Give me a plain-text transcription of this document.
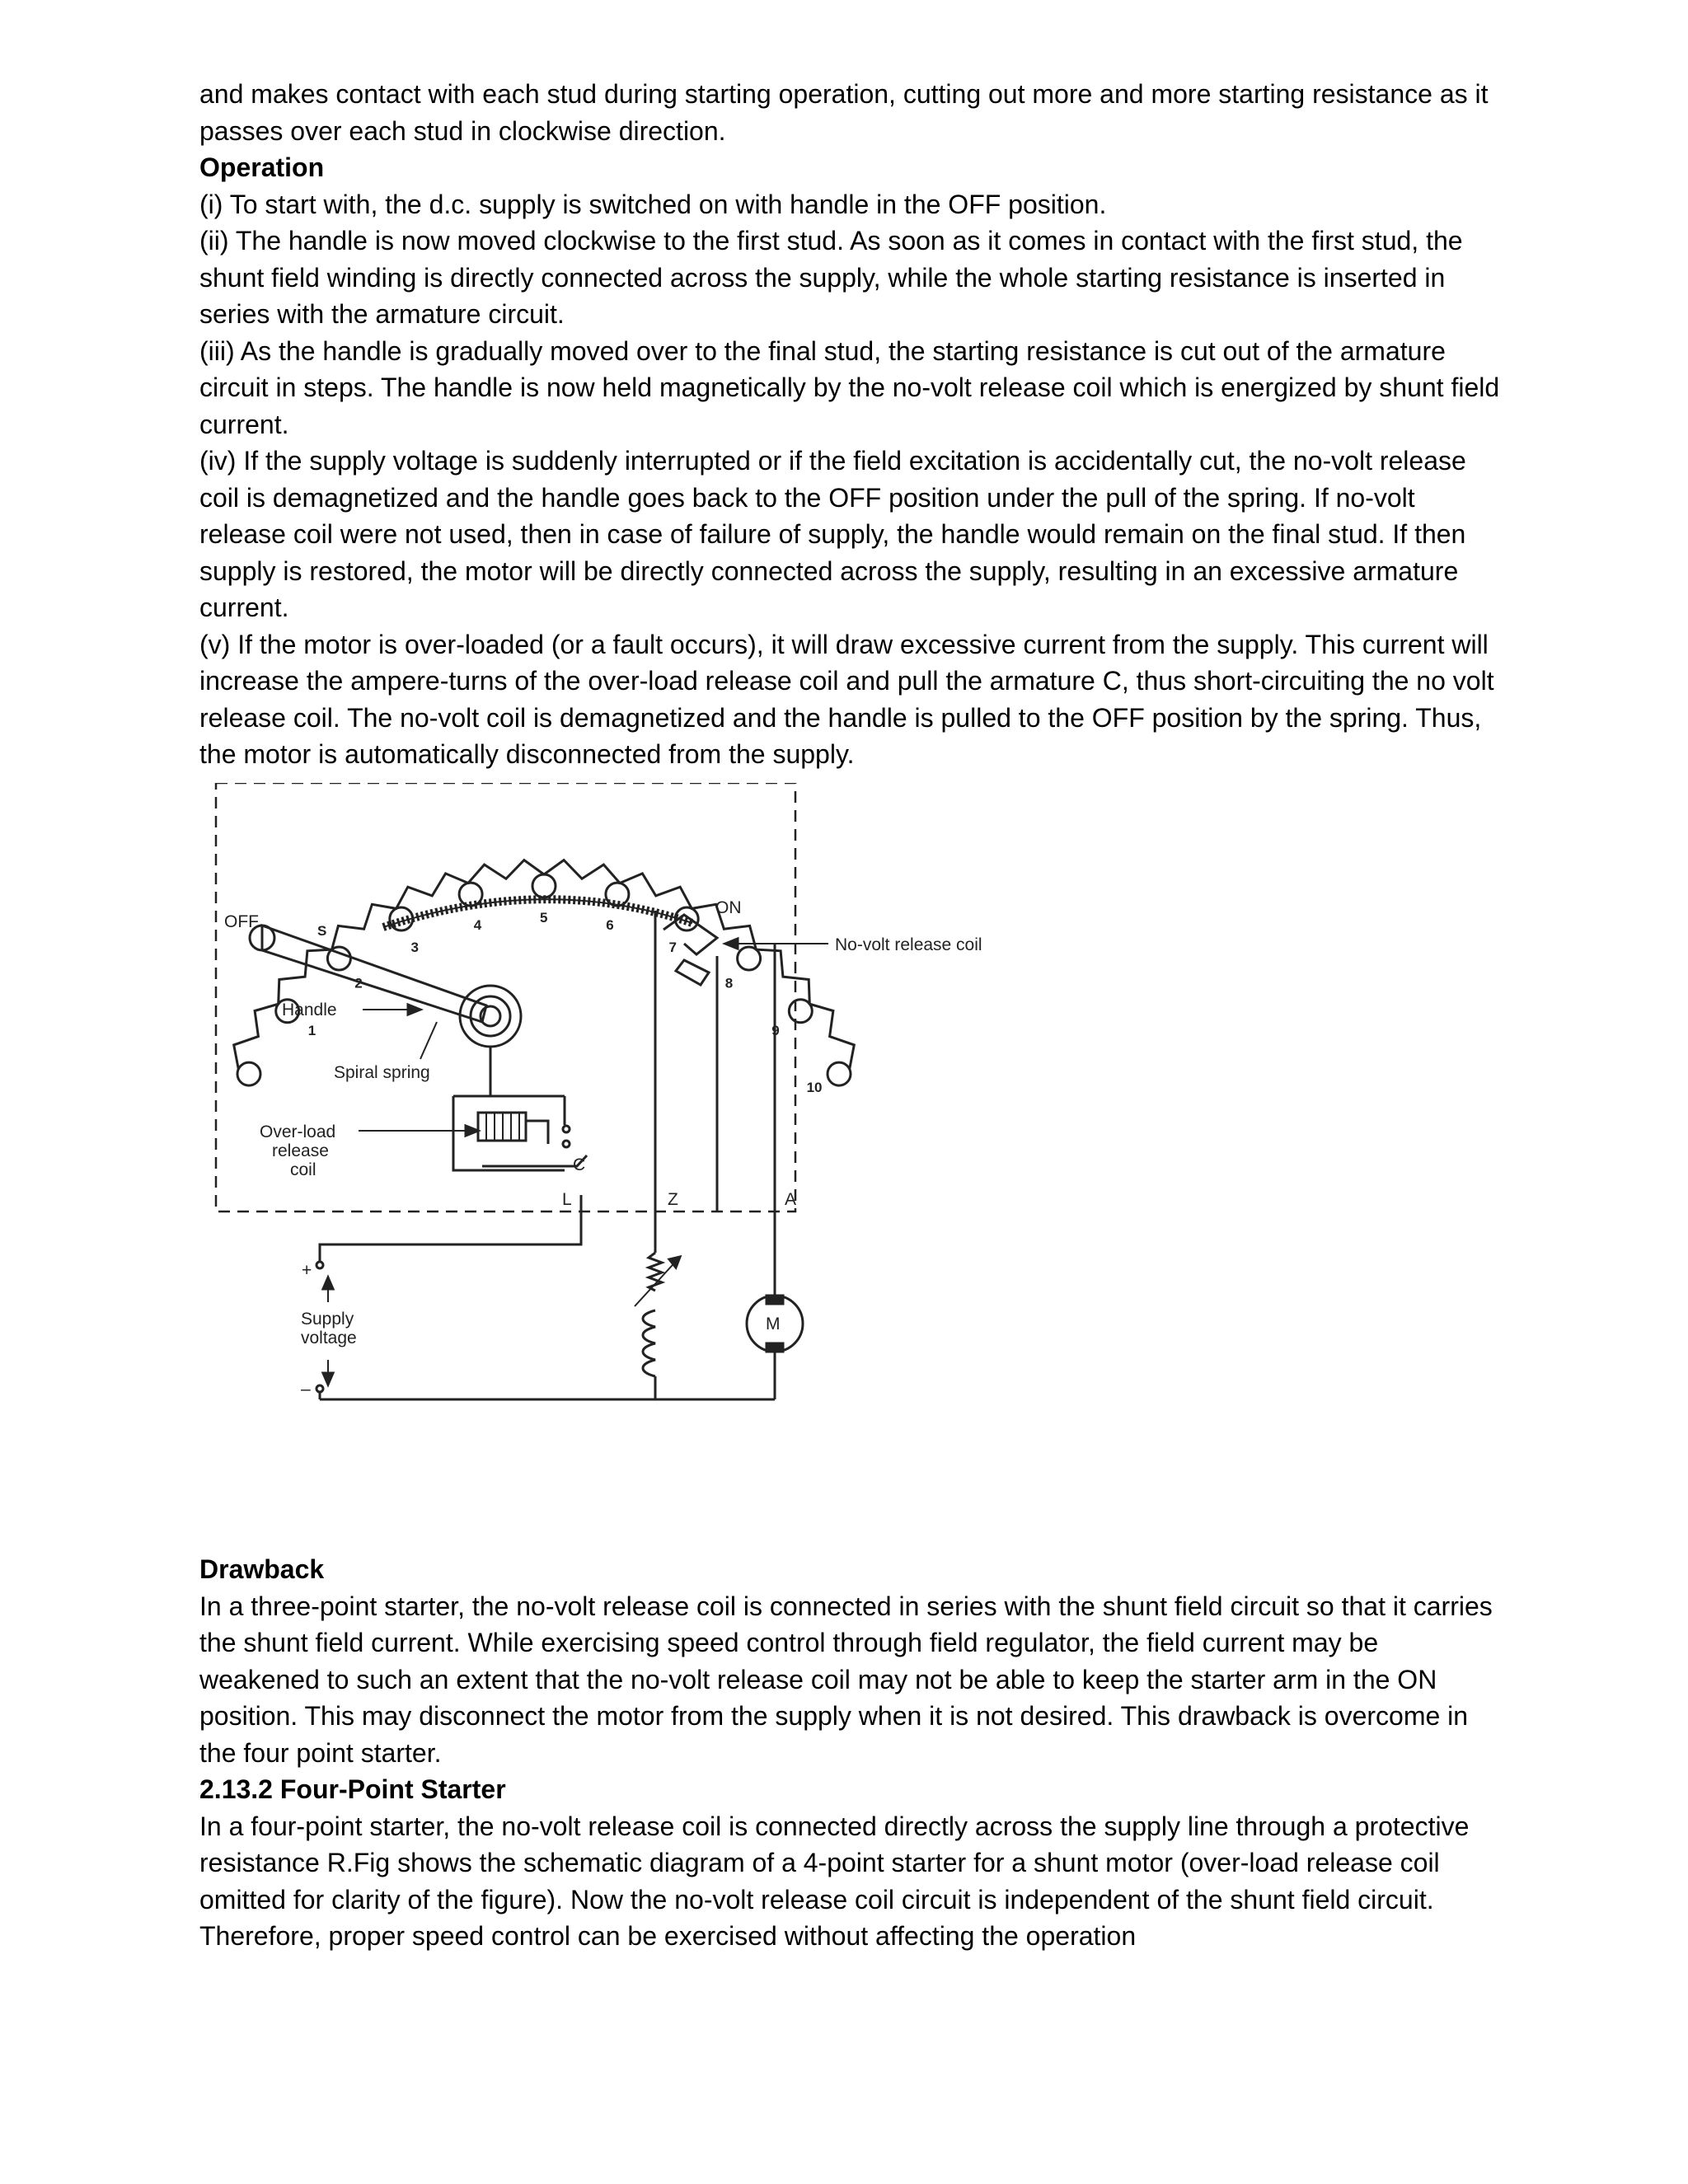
and makes contact with each stud during starting operation, cutting out more and more starting resistance as it passes over each stud in clockwise direction.

Operation

(i) To start with, the d.c. supply is switched on with handle in the OFF position.

(ii) The handle is now moved clockwise to the first stud. As soon as it comes in contact with the first stud, the shunt field winding is directly connected across the supply, while the whole starting resistance is inserted in series with the armature circuit.

(iii) As the handle is gradually moved over to the final stud, the starting resistance is cut out of the armature circuit in steps. The handle is now held magnetically by the no-volt release coil which is energized by shunt field current.

(iv) If the supply voltage is suddenly interrupted or if the field excitation is accidentally cut, the no-volt release coil is demagnetized and the handle goes back to the OFF position under the pull of the spring. If no-volt release coil were not used, then in case of failure of supply, the handle would remain on the final stud. If then supply is restored, the motor will be directly connected across the supply, resulting in an excessive armature current.

(v) If the motor is over-loaded (or a fault occurs), it will draw excessive current from the supply. This current will increase the ampere-turns of the over-load release coil and pull the armature C, thus short-circuiting the no volt release coil. The no-volt coil is demagnetized and the handle is pulled to the OFF position by the spring. Thus, the motor is automatically disconnected from the supply.

OFF
ON
S
1
2
3
4	5	6
7
8
9
10
No-volt release coil
Handle
Spiral spring
Over-load
release
coil	C
L	Z	A
+
–
Supply
voltage
M

Drawback

In a three-point starter, the no-volt release coil is connected in series with the shunt field circuit so that it carries the shunt field current. While exercising speed control through field regulator, the field current may be weakened to such an extent that the no-volt release coil may not be able to keep the starter arm in the ON position. This may disconnect the motor from the supply when it is not desired. This drawback is overcome in the four point starter.

2.13.2 Four-Point Starter

In a four-point starter, the no-volt release coil is connected directly across the supply line through a protective resistance R.Fig shows the schematic diagram of a 4-point starter for a shunt motor (over-load release coil omitted for clarity of the figure). Now the no-volt release coil circuit is independent of the shunt field circuit. Therefore, proper speed control can be exercised without affecting the operation
